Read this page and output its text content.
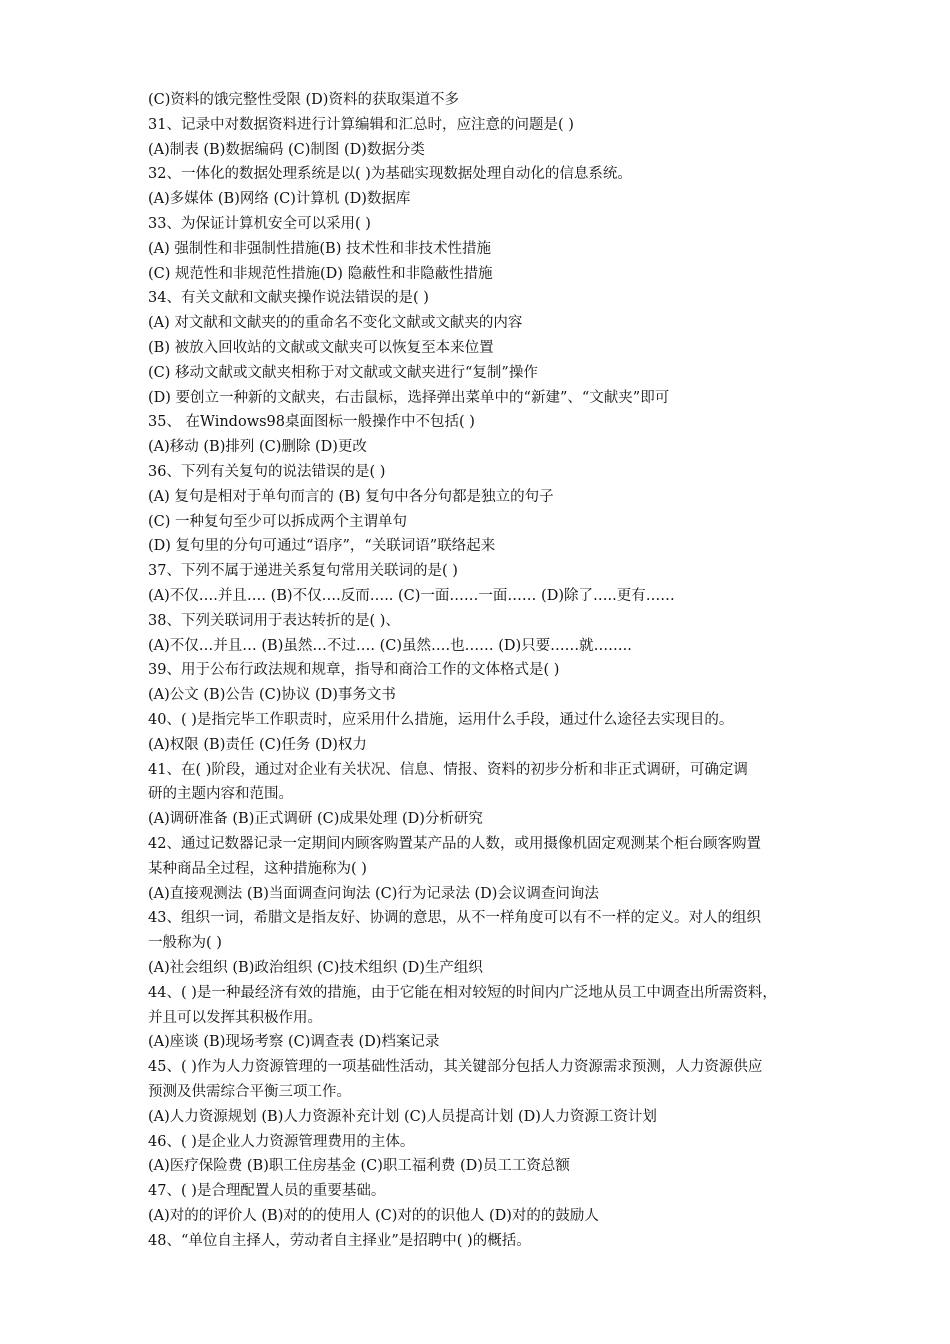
(C)资料的饿完整性受限 (D)资料的获取渠道不多
31、记录中对数据资料进行计算编辑和汇总时，应注意的问题是( )
(A)制表 (B)数据编码 (C)制图 (D)数据分类
32、一体化的数据处理系统是以( )为基础实现数据处理自动化的信息系统。
(A)多媒体 (B)网络 (C)计算机 (D)数据库
33、为保证计算机安全可以采用( )
(A) 强制性和非强制性措施(B) 技术性和非技术性措施
(C) 规范性和非规范性措施(D) 隐蔽性和非隐蔽性措施
34、有关文献和文献夹操作说法错误的是( )
(A) 对文献和文献夹的的重命名不变化文献或文献夹的内容
(B) 被放入回收站的文献或文献夹可以恢复至本来位置
(C) 移动文献或文献夹相称于对文献或文献夹进行“复制”操作
(D) 要创立一种新的文献夹，右击鼠标，选择弹出菜单中的“新建”、“文献夹”即可
35、 在Windows98桌面图标一般操作中不包括( )
(A)移动 (B)排列 (C)删除 (D)更改
36、下列有关复句的说法错误的是( )
(A) 复句是相对于单句而言的 (B) 复句中各分句都是独立的句子
(C) 一种复句至少可以拆成两个主谓单句
(D) 复句里的分句可通过“语序”，“关联词语”联络起来
37、下列不属于递进关系复句常用关联词的是( )
(A)不仅….并且…. (B)不仅….反而….. (C)一面……一面…… (D)除了…..更有……
38、下列关联词用于表达转折的是( )、
(A)不仅…并且… (B)虽然…不过…. (C)虽然….也…… (D)只要……就……..
39、用于公布行政法规和规章，指导和商洽工作的文体格式是( )
(A)公文 (B)公告 (C)协议 (D)事务文书
40、( )是指完毕工作职责时，应采用什么措施，运用什么手段，通过什么途径去实现目的。
(A)权限 (B)责任 (C)任务 (D)权力
41、在( )阶段，通过对企业有关状况、信息、情报、资料的初步分析和非正式调研，可确定调
研的主题内容和范围。
(A)调研准备 (B)正式调研 (C)成果处理 (D)分析研究
42、通过记数器记录一定期间内顾客购置某产品的人数，或用摄像机固定观测某个柜台顾客购置
某种商品全过程，这种措施称为( )
(A)直接观测法 (B)当面调查问询法 (C)行为记录法 (D)会议调查问询法
43、组织一词，希腊文是指友好、协调的意思，从不一样角度可以有不一样的定义。对人的组织
一般称为( )
(A)社会组织 (B)政治组织 (C)技术组织 (D)生产组织
44、( )是一种最经济有效的措施，由于它能在相对较短的时间内广泛地从员工中调查出所需资料，
并且可以发挥其积极作用。
(A)座谈 (B)现场考察 (C)调查表 (D)档案记录
45、( )作为人力资源管理的一项基础性活动，其关键部分包括人力资源需求预测，人力资源供应
预测及供需综合平衡三项工作。
(A)人力资源规划 (B)人力资源补充计划 (C)人员提高计划 (D)人力资源工资计划
46、( )是企业人力资源管理费用的主体。
(A)医疗保险费 (B)职工住房基金 (C)职工福利费 (D)员工工资总额
47、( )是合理配置人员的重要基础。
(A)对的的评价人 (B)对的的使用人 (C)对的的识他人 (D)对的的鼓励人
48、“单位自主择人，劳动者自主择业”是招聘中( )的概括。
